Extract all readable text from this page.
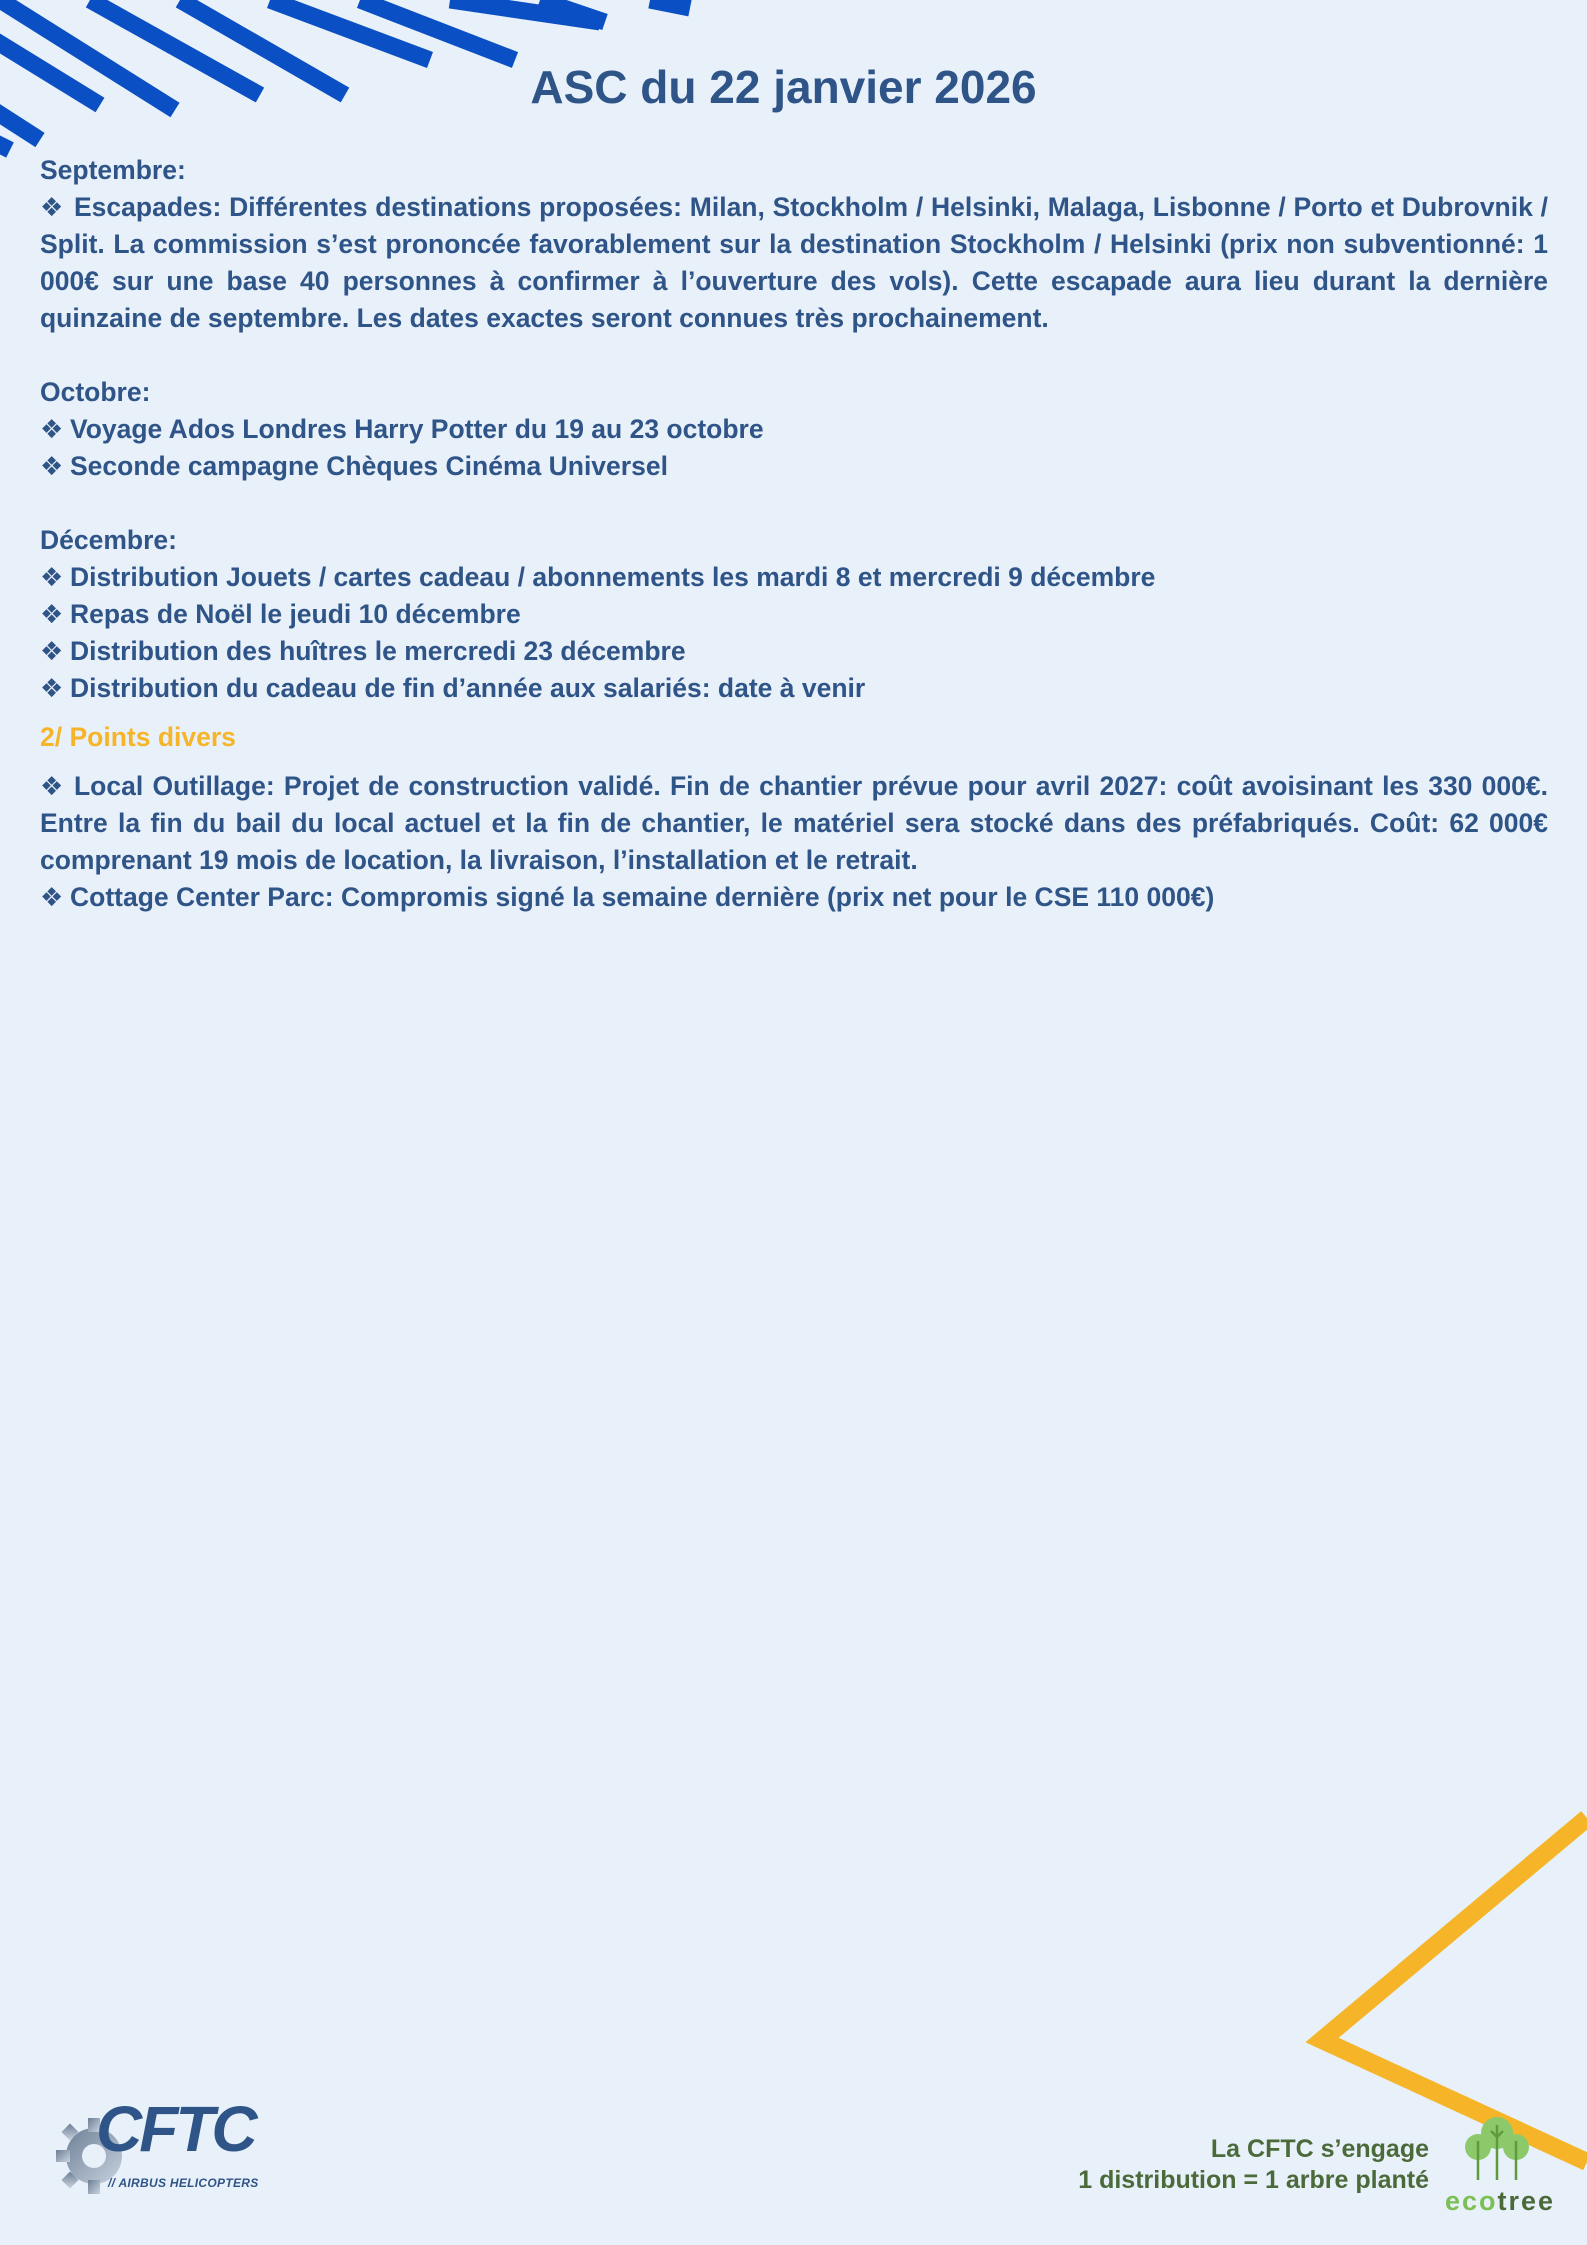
ASC du 22 janvier 2026

Septembre:

❖ Escapades: Différentes destinations proposées: Milan, Stockholm / Helsinki, Malaga, Lisbonne / Porto et Dubrovnik / Split. La commission s’est prononcée favorablement sur la destination Stockholm / Helsinki (prix non subventionné: 1 000€ sur une base 40 personnes à confirmer à l’ouverture des vols). Cette escapade aura lieu durant la dernière quinzaine de septembre. Les dates exactes seront connues très prochainement.

Octobre:

❖ Voyage Ados Londres Harry Potter du 19 au 23 octobre

❖ Seconde campagne Chèques Cinéma Universel

Décembre:

❖ Distribution Jouets / cartes cadeau / abonnements les mardi 8 et mercredi 9 décembre

❖ Repas de Noël le jeudi 10 décembre

❖ Distribution des huîtres le mercredi 23 décembre

❖ Distribution du cadeau de fin d’année aux salariés: date à venir

2/ Points divers

❖ Local Outillage: Projet de construction validé. Fin de chantier prévue pour avril 2027: coût avoisinant les 330 000€. Entre la fin du bail du local actuel et la fin de chantier, le matériel sera stocké dans des préfabriqués. Coût: 62 000€ comprenant 19 mois de location, la livraison, l’installation et le retrait.

❖ Cottage Center Parc: Compromis signé la semaine dernière (prix net pour le CSE 110 000€)

CFTC
// AIRBUS HELICOPTERS
La CFTC s’engage
1 distribution = 1 arbre planté
ecotree
